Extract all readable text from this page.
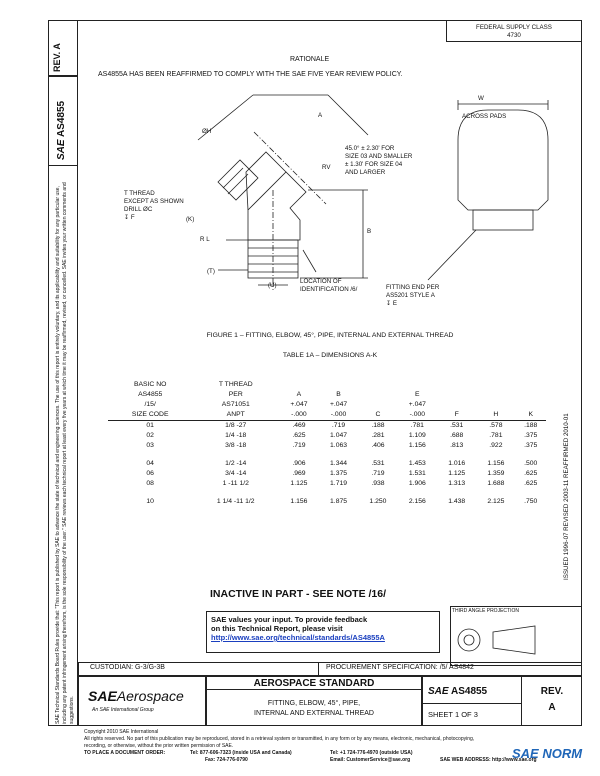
REV. A
SAE AS4855
SAE Technical Standards Board Rules provide that: "This report is published by SAE to advance the state of technical and engineering sciences. The use of this report is entirely voluntary, and its applicability and suitability for any particular use, including any patent infringement arising therefrom, is the sole responsibility of the user." SAE reviews each technical report at least every five years at which time it may be reaffirmed, revised, or cancelled. SAE invites your written comments and suggestions.
FEDERAL SUPPLY CLASS
4730
RATIONALE
AS4855A HAS BEEN REAFFIRMED TO COMPLY WITH THE SAE FIVE YEAR REVIEW POLICY.
ØH
A
45.0° ± 2.30' FOR
SIZE 03 AND SMALLER
± 1.30' FOR SIZE 04
AND LARGER
RV
T THREAD
EXCEPT AS SHOWN
DRILL ØC
↧ F	(K)
R L
B
(T)
(U)
LOCATION OF
IDENTIFICATION /6/
W
ACROSS PADS
FITTING END PER
AS5201 STYLE A
↧ E
FIGURE 1 – FITTING, ELBOW, 45°, PIPE, INTERNAL AND EXTERNAL THREAD
TABLE 1A – DIMENSIONS A-K
BASIC NO	T THREAD							
AS4855	PER	A	B		E			
/15/	AS71051	+.047	+.047		+.047			
SIZE CODE	ANPT	-.000	-.000	C	-.000	F	H	K
01	1/8 -27	.469	.719	.188	.781	.531	.578	.188
02	1/4 -18	.625	1.047	.281	1.109	.688	.781	.375
03	3/8 -18	.719	1.063	.406	1.156	.813	.922	.375

04	1/2 -14	.906	1.344	.531	1.453	1.016	1.156	.500
06	3/4 -14	.969	1.375	.719	1.531	1.125	1.359	.625
08	1 -11 1/2	1.125	1.719	.938	1.906	1.313	1.688	.625

10	1 1/4 -11 1/2	1.156	1.875	1.250	2.156	1.438	2.125	.750	ISSUED 1996-07 REVISED 2003-11 REAFFIRMED 2010-01
INACTIVE IN PART - SEE NOTE /16/
SAE values your input. To provide feedback
on this Technical Report, please visit
http://www.sae.org/technical/standards/AS4855A
THIRD ANGLE PROJECTION
CUSTODIAN: G-3/G-3B	PROCUREMENT SPECIFICATION: /5/ AS4842
SAEAerospace
An SAE International Group
AEROSPACE STANDARD
FITTING, ELBOW, 45°, PIPE,
INTERNAL AND EXTERNAL THREAD
SAE AS4855
SHEET 1 OF 3
REV.
A
Copyright 2010 SAE International
All rights reserved. No part of this publication may be reproduced, stored in a retrieval system or transmitted, in any form or by any means, electronic, mechanical, photocopying,
recording, or otherwise, without the prior written permission of SAE.
TO PLACE A DOCUMENT ORDER:	Tel: 877-606-7323 (inside USA and Canada)	Tel: +1 724-776-4970 (outside USA)
Fax: 724-776-0790	Email: CustomerService@sae.org	SAE WEB ADDRESS: http://www.sae.org
SAE NORM
